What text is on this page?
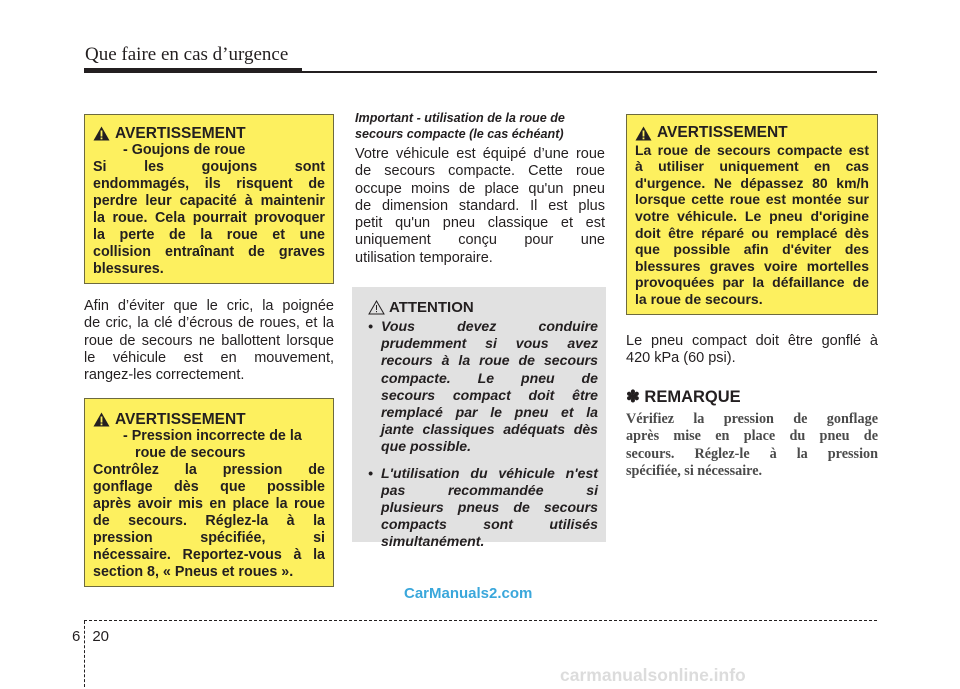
Que faire en cas d’urgence
AVERTISSEMENT
- Goujons de roue
Si les goujons sont
endommagés, ils risquent de
perdre leur capacité à maintenir
la roue. Cela pourrait provoquer
la perte de la roue et une
collision entraînant de graves
blessures.
Afin d’éviter que le cric, la poignée
de cric, la clé d’écrous de roues, et la
roue de secours ne ballottent lorsque
le véhicule est en mouvement,
rangez-les correctement.
AVERTISSEMENT
- Pression incorrecte de la
roue de secours
Contrôlez la pression de
gonflage dès que possible
après avoir mis en place la roue
de secours. Réglez-la à la
pression spécifiée, si
nécessaire. Reportez-vous à la
section 8, « Pneus et roues ».
Important - utilisation de la roue de
secours compacte (le cas échéant)
Votre véhicule est équipé d’une roue
de secours compacte. Cette roue
occupe moins de place qu'un pneu
de dimension standard. Il est plus
petit qu'un pneu classique et est
uniquement conçu pour une
utilisation temporaire.
ATTENTION
• Vous devez conduire

prudemment si vous avez

recours à la roue de secours

compacte. Le pneu de

secours compact doit être

remplacé par le pneu et la

jante classiques adéquats dès

que possible.

• L'utilisation du véhicule n'est

pas recommandée si

plusieurs pneus de secours

compacts sont utilisés

simultanément.

AVERTISSEMENT
La roue de secours compacte est
à utiliser uniquement en cas
d'urgence. Ne dépassez 80 km/h
lorsque cette roue est montée sur
votre véhicule. Le pneu d'origine
doit être réparé ou remplacé dès
que possible afin d'éviter des
blessures graves voire mortelles
provoquées par la défaillance de
la roue de secours.
Le pneu compact doit être gonflé à
420 kPa (60 psi).
✽ REMARQUE
Vérifiez la pression de gonflage
après mise en place du pneu de
secours. Réglez-le à la pression
spécifiée, si nécessaire.
CarManuals2.com
6 20
carmanualsonline.info
